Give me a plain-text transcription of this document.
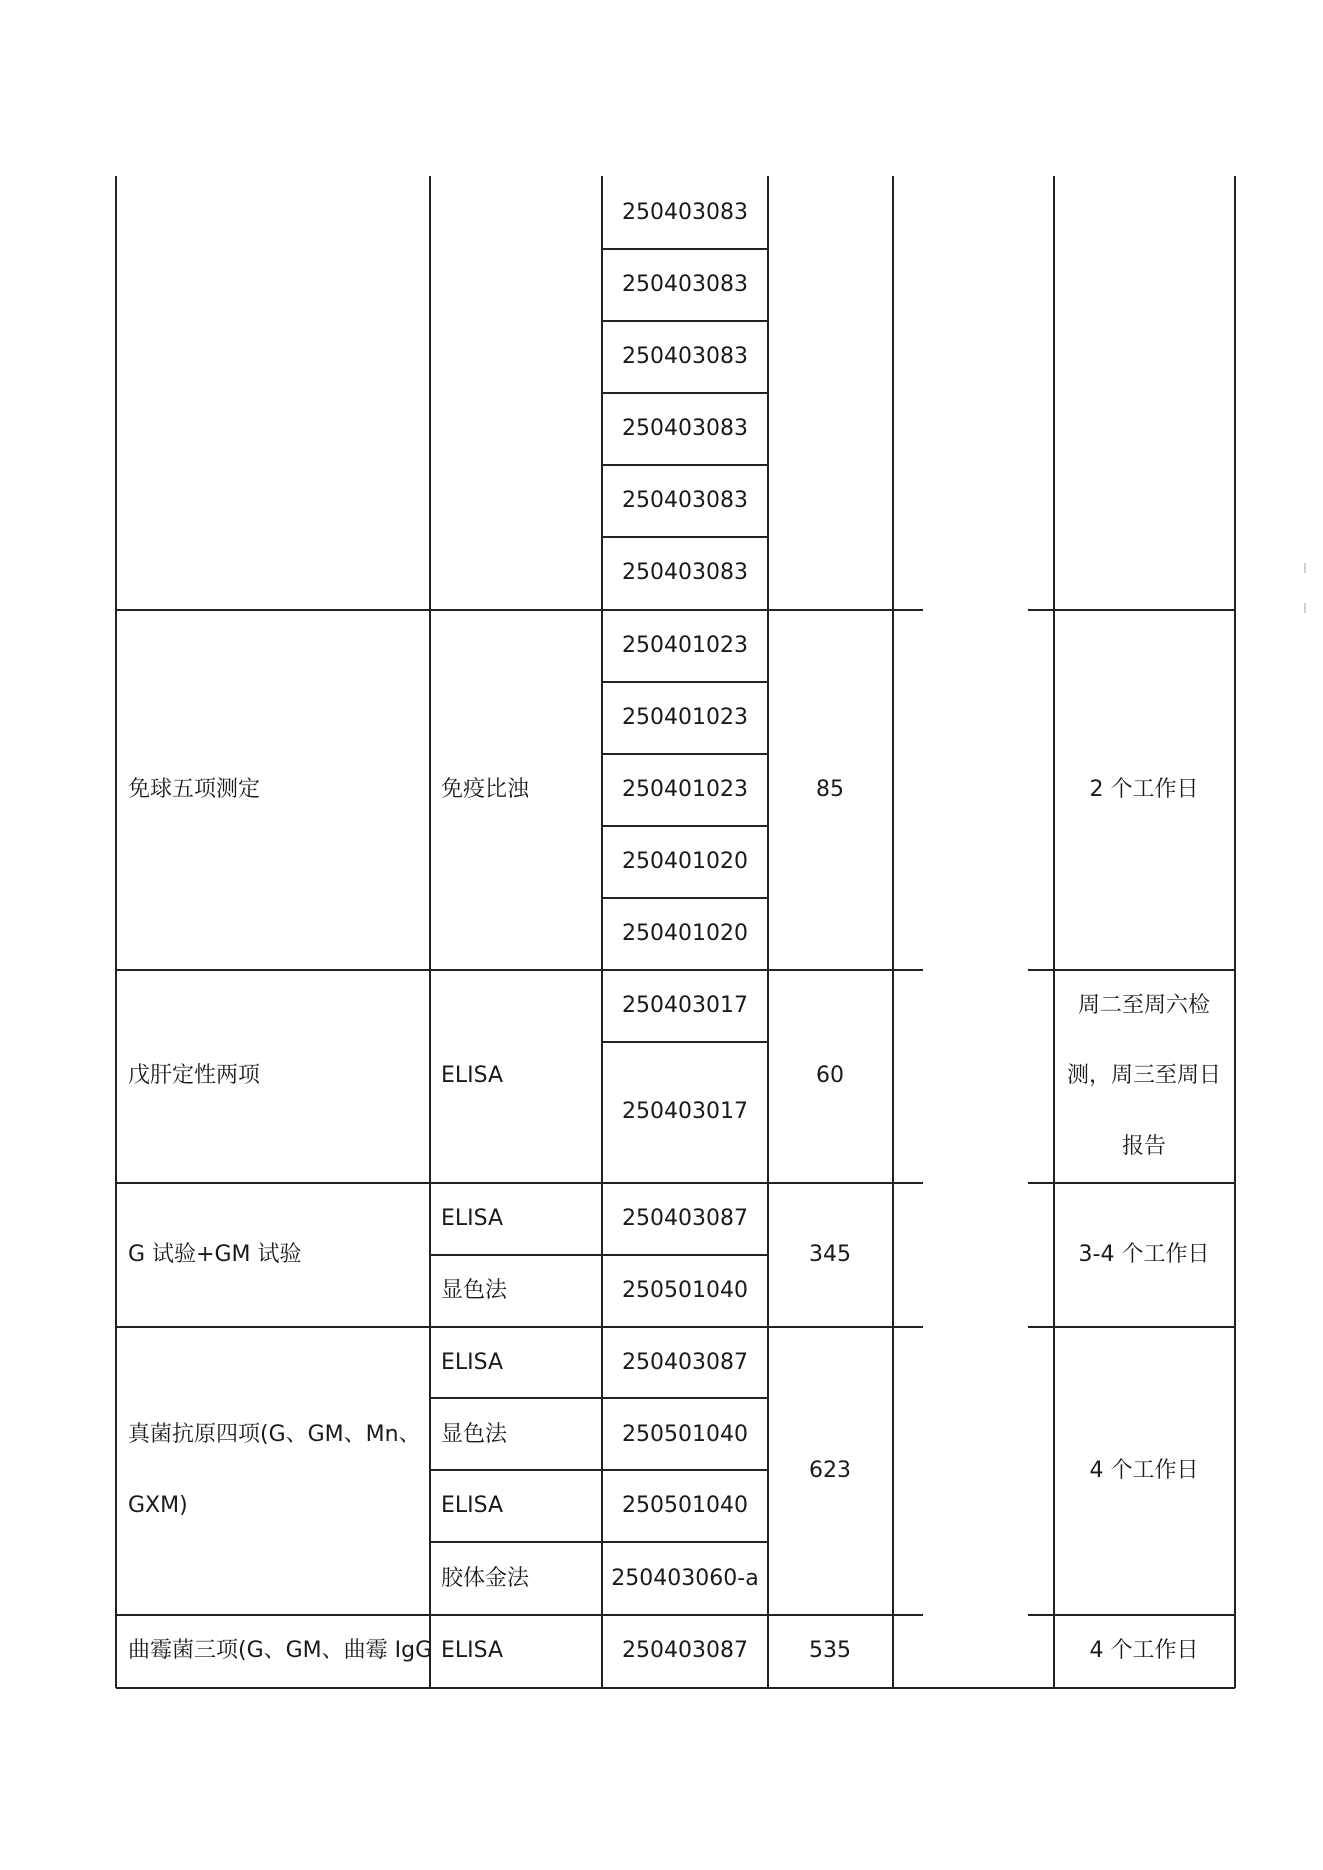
免球五项测定
戊肝定性两项
G 试验+GM 试验
真菌抗原四项(G、GM、Mn、
GXM)
曲霉菌三项(G、GM、曲霉 IgG
免疫比浊
ELISA
ELISA
显色法
ELISA
显色法
ELISA
胶体金法
ELISA
250403083
250403083
250403083
250403083
250403083
250403083
250401023
250401023
250401023
250401020
250401020
250403017
250403017
250403087
250501040
250403087
250501040
250501040
250403060-a
250403087
85
60
345
623
535
2 个工作日
周二至周六检
测，周三至周日
报告
3-4 个工作日
4 个工作日
4 个工作日
